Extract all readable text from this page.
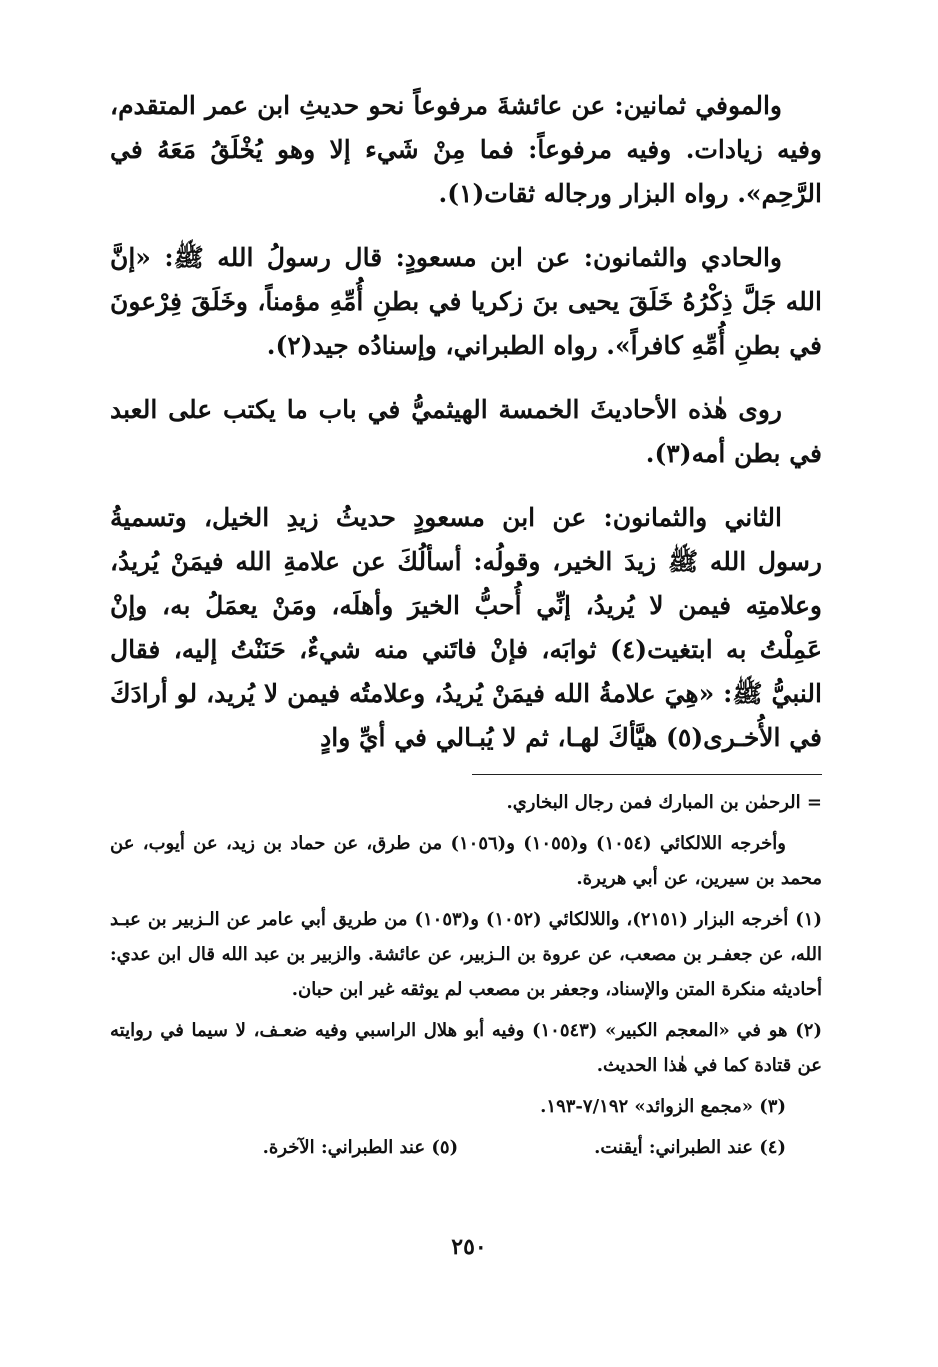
والموفي ثمانين: عن عائشةَ مرفوعاً نحو حديثِ ابن عمر المتقدم، وفيه زيادات. وفيه مرفوعاً: فما مِنْ شَيء إلا وهو يُخْلَقُ مَعَهُ في الرَّحِم». رواه البزار ورجاله ثقات(١).

والحادي والثمانون: عن ابن مسعودٍ: قال رسولُ الله ﷺ: «إنَّ الله جَلَّ ذِكْرُهُ خَلَقَ يحيى بنَ زكريا في بطنِ أُمِّهِ مؤمناً، وخَلَقَ فِرْعونَ في بطنِ أُمِّهِ كافراً». رواه الطبراني، وإسنادُه جيد(٢).

روى هٰذه الأحاديثَ الخمسة الهيثميُّ في باب ما يكتب على العبد في بطن أمه(٣).

الثاني والثمانون: عن ابن مسعودٍ حديثُ زيدِ الخيل، وتسميةُ رسول الله ﷺ زيدَ الخير، وقولُه: أسألُكَ عن علامةِ الله فيمَنْ يُريدُ، وعلامتِه فيمن لا يُريدُ، إنِّي أُحبُّ الخيرَ وأهلَه، ومَنْ يعمَلُ به، وإنْ عَمِلْتُ به ابتغيت(٤) ثوابَه، فإنْ فاتَني منه شيءٌ، حَنَنْتُ إليه، فقال النبيُّ ﷺ: «هِيَ علامةُ الله فيمَنْ يُريدُ، وعلامتُه فيمن لا يُريد، لو أرادَكَ في الأُخـرى(٥) هيَّأكَ لهـا، ثم لا يُبـالي في أيِّ وادٍ

= الرحمٰن بن المبارك فمن رجال البخاري.

وأخرجه اللالكائي (١٠٥٤) و(١٠٥٥) و(١٠٥٦) من طرق، عن حماد بن زيد، عن أيوب، عن محمد بن سيرين، عن أبي هريرة.

(١) أخرجه البزار (٢١٥١)، واللالكائي (١٠٥٢) و(١٠٥٣) من طريق أبي عامر عن الـزبير بن عبـد الله، عن جعفـر بن مصعب، عن عروة بن الـزبير، عن عائشة. والزبير بن عبد الله قال ابن عدي: أحاديثه منكرة المتن والإسناد، وجعفر بن مصعب لم يوثقه غير ابن حبان.

(٢) هو في «المعجم الكبير» (١٠٥٤٣) وفيه أبو هلال الراسبي وفيه ضعـف، لا سيما في روايته عن قتادة كما في هٰذا الحديث.

(٣) «مجمع الزوائد» ٧/١٩٢-١٩٣.

(٤) عند الطبراني: أيقنت.
(٥) عند الطبراني: الآخرة.

٢٥٠
